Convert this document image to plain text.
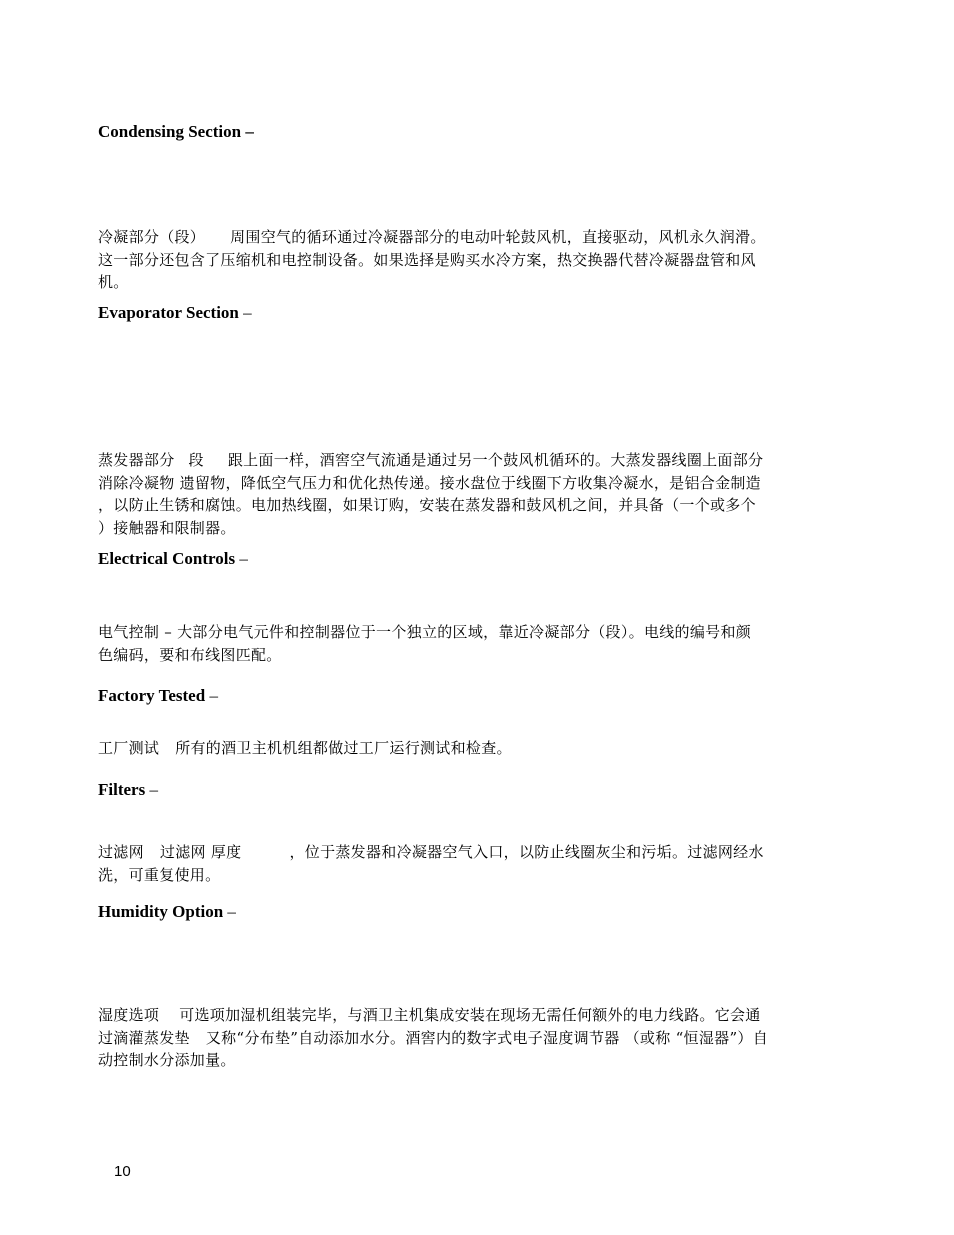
Condensing Section –
冷凝部分（段） 周围空气的循环通过冷凝器部分的电动叶轮鼓风机，直接驱动，风机永久润滑。
这一部分还包含了压缩机和电控制设备。如果选择是购买水冷方案，热交换器代替冷凝器盘管和风
机。
Evaporator Section –
蒸发器部分 段 跟上面一样，酒窖空气流通是通过另一个鼓风机循环的。大蒸发器线圈上面部分
消除冷凝物 遗留物，降低空气压力和优化热传递。接水盘位于线圈下方收集冷凝水，是铝合金制造
，以防止生锈和腐蚀。电加热线圈，如果订购，安装在蒸发器和鼓风机之间，并具备（一个或多个
）接触器和限制器。
Electrical Controls –
电气控制 – 大部分电气元件和控制器位于一个独立的区域，靠近冷凝部分（段）。电线的编号和颜
色编码，要和布线图匹配。
Factory Tested –
工厂测试 所有的酒卫主机机组都做过工厂运行测试和检查。
Filters –
过滤网 过滤网 厚度	，位于蒸发器和冷凝器空气入口，以防止线圈灰尘和污垢。过滤网经水
洗，可重复使用。
Humidity Option –
湿度选项 可选项加湿机组装完毕，与酒卫主机集成安装在现场无需任何额外的电力线路。它会通
过滴灌蒸发垫 又称“分布垫”自动添加水分。酒窖内的数字式电子湿度调节器 （或称 “恒湿器”）自
动控制水分添加量。
10
